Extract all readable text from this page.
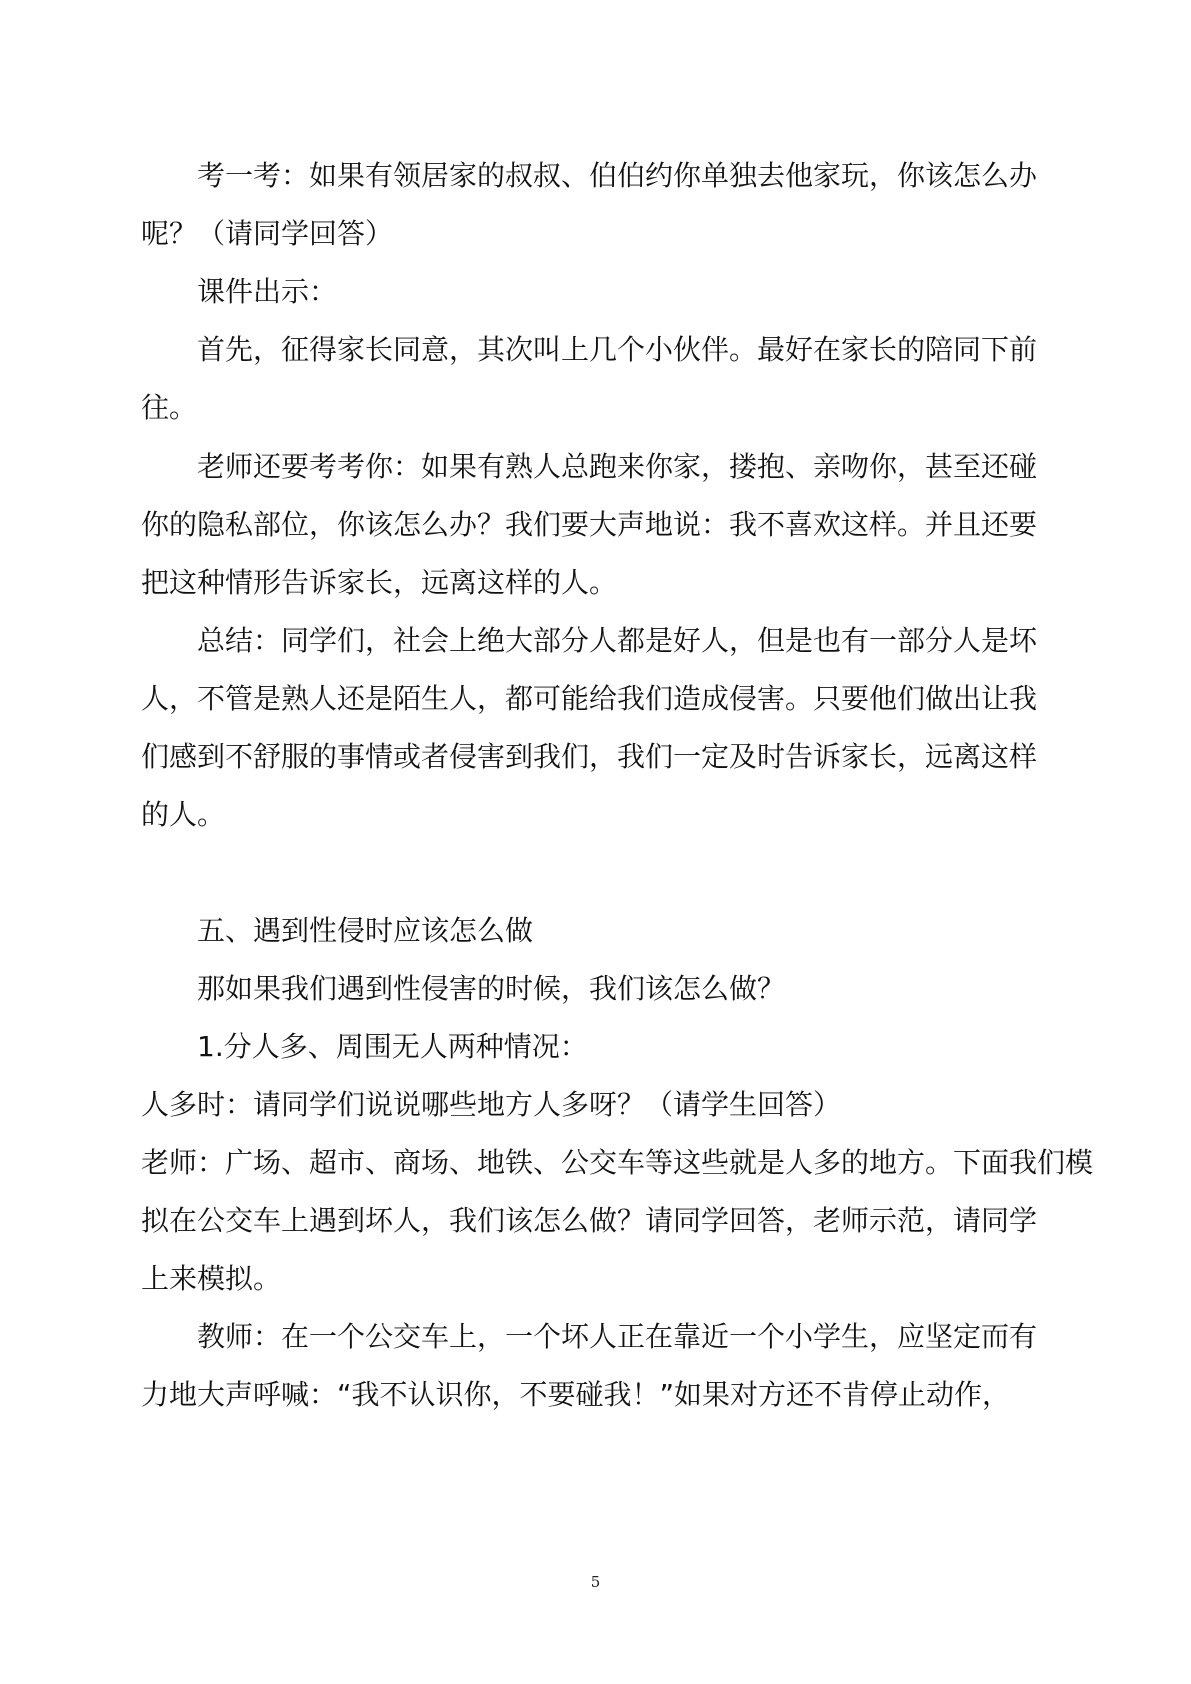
考一考：如果有领居家的叔叔、伯伯约你单独去他家玩，你该怎么办
呢？（请同学回答）
课件出示：
首先，征得家长同意，其次叫上几个小伙伴。最好在家长的陪同下前
往。
老师还要考考你：如果有熟人总跑来你家，搂抱、亲吻你，甚至还碰
你的隐私部位，你该怎么办？我们要大声地说：我不喜欢这样。并且还要
把这种情形告诉家长，远离这样的人。
总结：同学们，社会上绝大部分人都是好人，但是也有一部分人是坏
人，不管是熟人还是陌生人，都可能给我们造成侵害。只要他们做出让我
们感到不舒服的事情或者侵害到我们，我们一定及时告诉家长，远离这样
的人。
五、遇到性侵时应该怎么做
那如果我们遇到性侵害的时候，我们该怎么做？
1.分人多、周围无人两种情况：
人多时：请同学们说说哪些地方人多呀？（请学生回答）
老师：广场、超市、商场、地铁、公交车等这些就是人多的地方。下面我们模
拟在公交车上遇到坏人，我们该怎么做？请同学回答，老师示范，请同学
上来模拟。
教师：在一个公交车上，一个坏人正在靠近一个小学生，应坚定而有
力地大声呼喊：“我不认识你，不要碰我！”如果对方还不肯停止动作，
5
